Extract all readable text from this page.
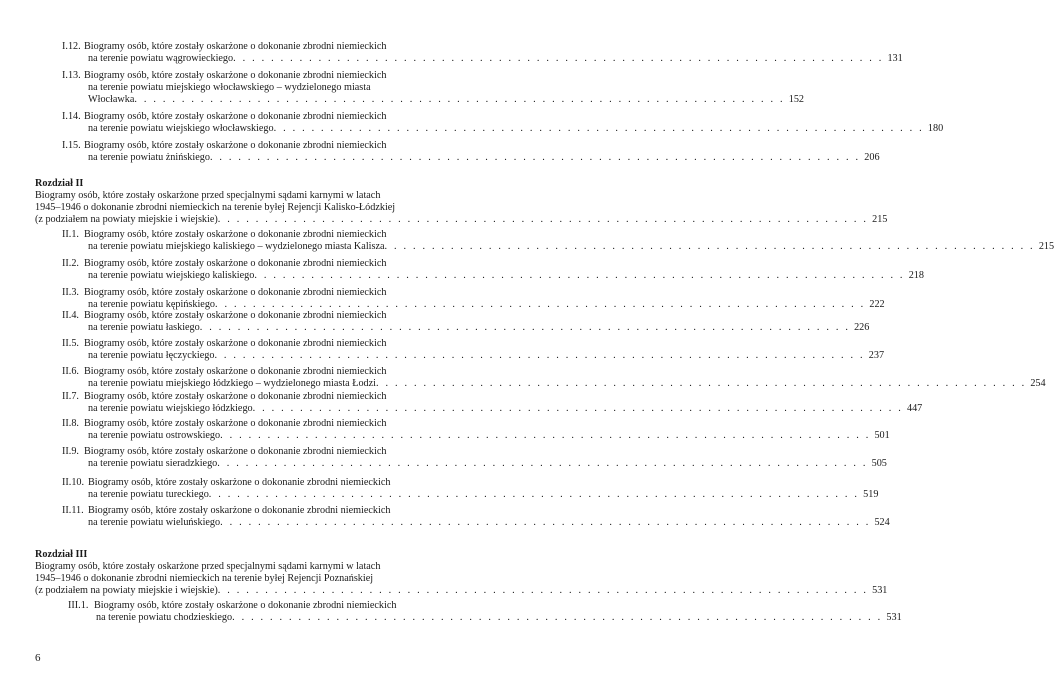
I.12. Biogramy osób, które zostały oskarżone o dokonanie zbrodni niemieckich
na terenie powiatu wągrowieckiego . . . . . . . . . . . . . . . . . . . . . . . . . . . . . . . . . . . . . . . . . . . . . . . . . . . . . . . . . . . . . . . . . . . . . 131
I.13. Biogramy osób, które zostały oskarżone o dokonanie zbrodni niemieckich
na terenie powiatu miejskiego włocławskiego – wydzielonego miasta
Włocławka . . . . . . . . . . . . . . . . . . . . . . . . . . . . . . . . . . . . . . . . . . . . . . . . . . . . . . . . . . . . . . . . . . . . . 152
I.14. Biogramy osób, które zostały oskarżone o dokonanie zbrodni niemieckich
na terenie powiatu wiejskiego włocławskiego . . . . . . . . . . . . . . . . . . . . . . . . . . . . . . . . . . . . . . . . . . . . . . . . . . . . . . . . . . . . . . . . . . . . . 180
I.15. Biogramy osób, które zostały oskarżone o dokonanie zbrodni niemieckich
na terenie powiatu żnińskiego . . . . . . . . . . . . . . . . . . . . . . . . . . . . . . . . . . . . . . . . . . . . . . . . . . . . . . . . . . . . . . . . . . . . . 206
Rozdział II
Biogramy osób, które zostały oskarżone przed specjalnymi sądami karnymi w latach
1945–1946 o dokonanie zbrodni niemieckich na terenie byłej Rejencji Kalisko-Łódzkiej
(z podziałem na powiaty miejskie i wiejskie) . . . . . . . . . . . . . . . . . . . . . . . . . . . . . . . . . . . . . . . . . . . . . . . . . . . . . . . . . . . . . . . . . . . . . 215
II.1. Biogramy osób, które zostały oskarżone o dokonanie zbrodni niemieckich
na terenie powiatu miejskiego kaliskiego – wydzielonego miasta Kalisza . . . . . . . . . . . . . . . . . . . . . . . . . . . . . . . . . . . . . . . . . . . . . . . . . . . . . . . . . . . . . . . . . . . . . 215
II.2. Biogramy osób, które zostały oskarżone o dokonanie zbrodni niemieckich
na terenie powiatu wiejskiego kaliskiego . . . . . . . . . . . . . . . . . . . . . . . . . . . . . . . . . . . . . . . . . . . . . . . . . . . . . . . . . . . . . . . . . . . . . 218
II.3. Biogramy osób, które zostały oskarżone o dokonanie zbrodni niemieckich
na terenie powiatu kępińskiego . . . . . . . . . . . . . . . . . . . . . . . . . . . . . . . . . . . . . . . . . . . . . . . . . . . . . . . . . . . . . . . . . . . . . 222
II.4. Biogramy osób, które zostały oskarżone o dokonanie zbrodni niemieckich
na terenie powiatu łaskiego . . . . . . . . . . . . . . . . . . . . . . . . . . . . . . . . . . . . . . . . . . . . . . . . . . . . . . . . . . . . . . . . . . . . . 226
II.5. Biogramy osób, które zostały oskarżone o dokonanie zbrodni niemieckich
na terenie powiatu łęczyckiego . . . . . . . . . . . . . . . . . . . . . . . . . . . . . . . . . . . . . . . . . . . . . . . . . . . . . . . . . . . . . . . . . . . . . 237
II.6. Biogramy osób, które zostały oskarżone o dokonanie zbrodni niemieckich
na terenie powiatu miejskiego łódzkiego – wydzielonego miasta Łodzi . . . . . . . . . . . . . . . . . . . . . . . . . . . . . . . . . . . . . . . . . . . . . . . . . . . . . . . . . . . . . . . . . . . . . 254
II.7. Biogramy osób, które zostały oskarżone o dokonanie zbrodni niemieckich
na terenie powiatu wiejskiego łódzkiego . . . . . . . . . . . . . . . . . . . . . . . . . . . . . . . . . . . . . . . . . . . . . . . . . . . . . . . . . . . . . . . . . . . . . 447
II.8. Biogramy osób, które zostały oskarżone o dokonanie zbrodni niemieckich
na terenie powiatu ostrowskiego . . . . . . . . . . . . . . . . . . . . . . . . . . . . . . . . . . . . . . . . . . . . . . . . . . . . . . . . . . . . . . . . . . . . . 501
II.9. Biogramy osób, które zostały oskarżone o dokonanie zbrodni niemieckich
na terenie powiatu sieradzkiego . . . . . . . . . . . . . . . . . . . . . . . . . . . . . . . . . . . . . . . . . . . . . . . . . . . . . . . . . . . . . . . . . . . . . 505
II.10. Biogramy osób, które zostały oskarżone o dokonanie zbrodni niemieckich
na terenie powiatu tureckiego . . . . . . . . . . . . . . . . . . . . . . . . . . . . . . . . . . . . . . . . . . . . . . . . . . . . . . . . . . . . . . . . . . . . . 519
II.11. Biogramy osób, które zostały oskarżone o dokonanie zbrodni niemieckich
na terenie powiatu wieluńskiego . . . . . . . . . . . . . . . . . . . . . . . . . . . . . . . . . . . . . . . . . . . . . . . . . . . . . . . . . . . . . . . . . . . . . 524
Rozdział III
Biogramy osób, które zostały oskarżone przed specjalnymi sądami karnymi w latach
1945–1946 o dokonanie zbrodni niemieckich na terenie byłej Rejencji Poznańskiej
(z podziałem na powiaty miejskie i wiejskie) . . . . . . . . . . . . . . . . . . . . . . . . . . . . . . . . . . . . . . . . . . . . . . . . . . . . . . . . . . . . . . . . . . . . . 531
III.1. Biogramy osób, które zostały oskarżone o dokonanie zbrodni niemieckich
na terenie powiatu chodzieskiego . . . . . . . . . . . . . . . . . . . . . . . . . . . . . . . . . . . . . . . . . . . . . . . . . . . . . . . . . . . . . . . . . . . . . 531
6
